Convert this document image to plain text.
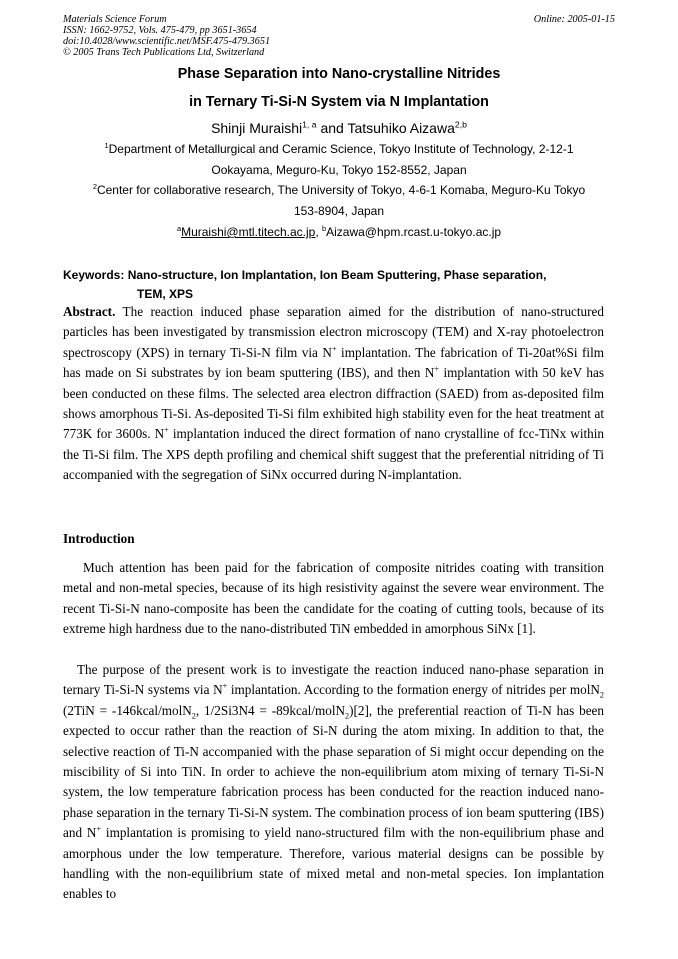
Materials Science Forum
ISSN: 1662-9752, Vols. 475-479, pp 3651-3654
doi:10.4028/www.scientific.net/MSF.475-479.3651
© 2005 Trans Tech Publications Ltd, Switzerland
Online: 2005-01-15
Phase Separation into Nano-crystalline Nitrides
in Ternary Ti-Si-N System via N Implantation
Shinji Muraishi$^{1, a}$ and Tatsuhiko Aizawa$^{2,b}$
$^1$Department of Metallurgical and Ceramic Science, Tokyo Institute of Technology, 2-12-1
Ookayama, Meguro-Ku, Tokyo 152-8552, Japan
$^2$Center for collaborative research, The University of Tokyo, 4-6-1 Komaba, Meguro-Ku Tokyo
153-8904, Japan
$^a$Muraishi@mtl.titech.ac.jp, $^b$Aizawa@hpm.rcast.u-tokyo.ac.jp
Keywords: Nano-structure, Ion Implantation, Ion Beam Sputtering, Phase separation,
TEM, XPS
Abstract. The reaction induced phase separation aimed for the distribution of nano-structured particles has been investigated by transmission electron microscopy (TEM) and X-ray photoelectron spectroscopy (XPS) in ternary Ti-Si-N film via N+ implantation. The fabrication of Ti-20at%Si film has made on Si substrates by ion beam sputtering (IBS), and then N+ implantation with 50 keV has been conducted on these films. The selected area electron diffraction (SAED) from as-deposited film shows amorphous Ti-Si. As-deposited Ti-Si film exhibited high stability even for the heat treatment at 773K for 3600s. N+ implantation induced the direct formation of nano crystalline of fcc-TiNx within the Ti-Si film. The XPS depth profiling and chemical shift suggest that the preferential nitriding of Ti accompanied with the segregation of SiNx occurred during N-implantation.
Introduction
Much attention has been paid for the fabrication of composite nitrides coating with transition metal and non-metal species, because of its high resistivity against the severe wear environment. The recent Ti-Si-N nano-composite has been the candidate for the coating of cutting tools, because of its extreme high hardness due to the nano-distributed TiN embedded in amorphous SiNx [1].
The purpose of the present work is to investigate the reaction induced nano-phase separation in ternary Ti-Si-N systems via N+ implantation. According to the formation energy of nitrides per molN$_2$ (2TiN = -146kcal/molN$_2$, 1/2Si3N4 = -89kcal/molN$_2$)[2], the preferential reaction of Ti-N has been expected to occur rather than the reaction of Si-N during the atom mixing. In addition to that, the selective reaction of Ti-N accompanied with the phase separation of Si might occur depending on the miscibility of Si into TiN. In order to achieve the non-equilibrium atom mixing of ternary Ti-Si-N system, the low temperature fabrication process has been conducted for the reaction induced nano-phase separation in the ternary Ti-Si-N system. The combination process of ion beam sputtering (IBS) and N+ implantation is promising to yield nano-structured film with the non-equilibrium phase and amorphous under the low temperature. Therefore, various material designs can be possible by handling with the non-equilibrium state of mixed metal and non-metal species. Ion implantation enables to
